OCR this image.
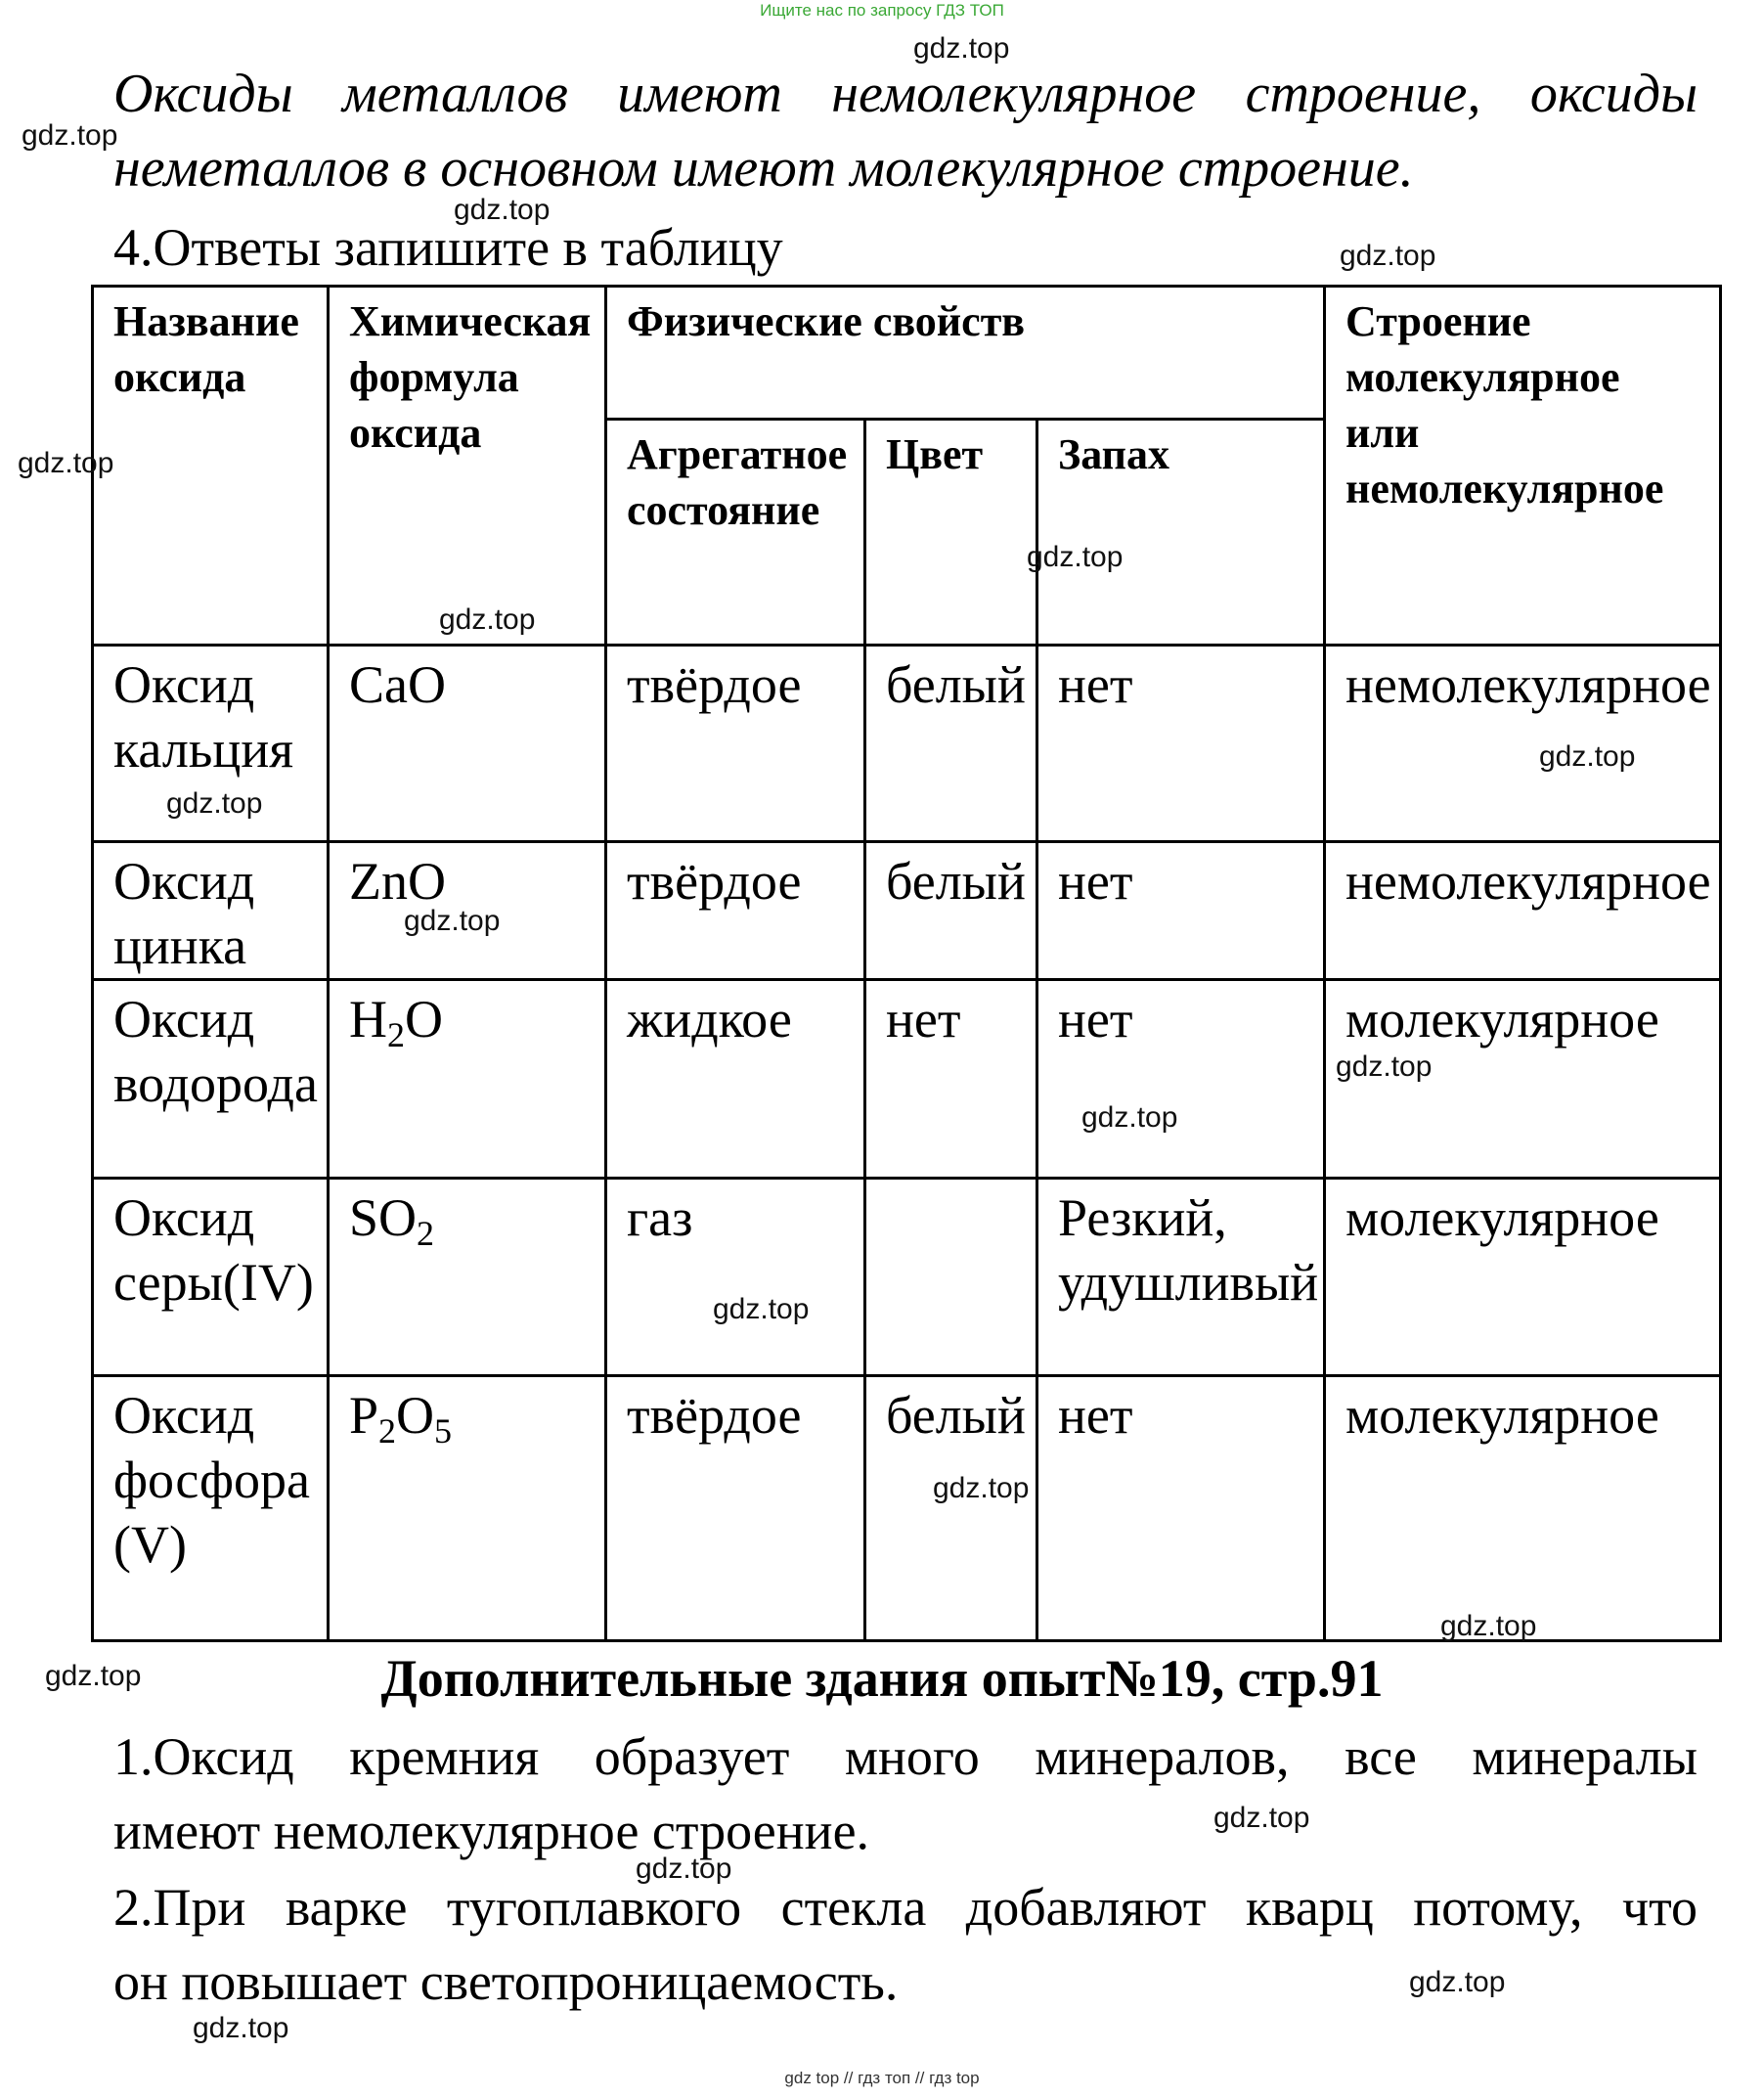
Ищите нас по запросу ГДЗ ТОП
Оксиды металлов имеют немолекулярное строение, оксиды
неметаллов в основном имеют молекулярное строение.
4.Ответы запишите в таблицу
Название оксида	Химическая формула оксида	Физические свойств			Строение молекулярное или немолекулярное
		Агрегатное состояние	Цвет	Запах	
Оксид кальция	CaO	твёрдое	белый	нет	немолекулярное
Оксид цинка	ZnO	твёрдое	белый	нет	немолекулярное
Оксид водорода	$H_2O$	жидкое	нет	нет	молекулярное
Оксид серы(IV)	$SO_2$	газ		Резкий, удушливый	молекулярное
Оксид фосфора (V)	$P_2O_5$	твёрдое	белый	нет	молекулярное
Дополнительные здания опыт№19, стр.91
1.Оксид кремния образует много минералов, все минералы
имеют немолекулярное строение.
2.При варке тугоплавкого стекла добавляют кварц потому, что
он повышает светопроницаемость.
gdz.top
gdz.top
gdz.top
gdz.top
gdz.top
gdz.top
gdz.top
gdz.top
gdz.top
gdz.top
gdz.top
gdz.top
gdz.top
gdz.top
gdz.top
gdz.top
gdz.top
gdz.top
gdz.top
gdz.top
gdz top // гдз топ // гдз top
